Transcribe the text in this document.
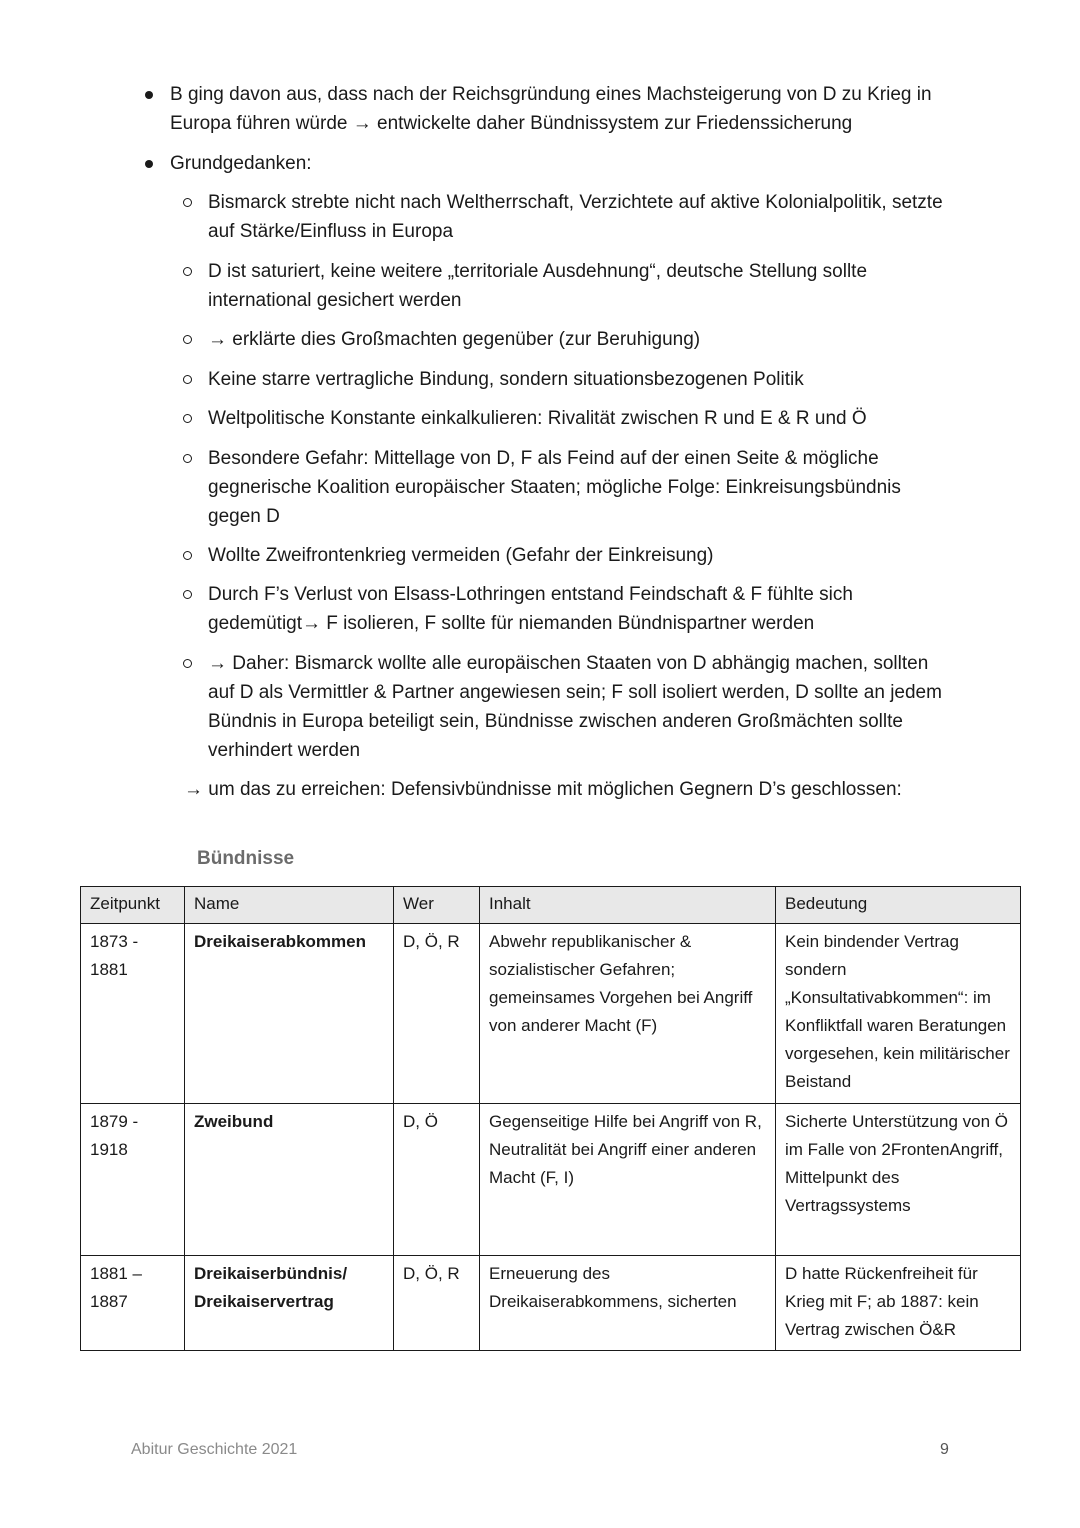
B ging davon aus, dass nach der Reichsgründung eines Machsteigerung von D zu Krieg in Europa führen würde → entwickelte daher Bündnissystem zur Friedenssicherung
Grundgedanken:
Bismarck strebte nicht nach Weltherrschaft, Verzichtete auf aktive Kolonialpolitik, setzte auf Stärke/Einfluss in Europa
D ist saturiert, keine weitere „territoriale Ausdehnung“, deutsche Stellung sollte international gesichert werden
→ erklärte dies Großmachten gegenüber (zur Beruhigung)
Keine starre vertragliche Bindung, sondern situationsbezogenen Politik
Weltpolitische Konstante einkalkulieren: Rivalität zwischen R und E & R und Ö
Besondere Gefahr: Mittellage von D, F als Feind auf der einen Seite & mögliche gegnerische Koalition europäischer Staaten; mögliche Folge: Einkreisungsbündnis gegen D
Wollte Zweifrontenkrieg vermeiden (Gefahr der Einkreisung)
Durch F’s Verlust von Elsass-Lothringen entstand Feindschaft & F fühlte sich gedemütigt→ F isolieren, F sollte für niemanden Bündnispartner werden
→ Daher: Bismarck wollte alle europäischen Staaten von D abhängig machen, sollten auf D als Vermittler & Partner angewiesen sein; F soll isoliert werden, D sollte an jedem Bündnis in Europa beteiligt sein, Bündnisse zwischen anderen Großmächten sollte verhindert werden
→ um das zu erreichen: Defensivbündnisse mit möglichen Gegnern D’s geschlossen:
Bündnisse
Zeitpunkt	Name	Wer	Inhalt	Bedeutung
1873 - 1881	Dreikaiserabkommen	D, Ö, R	Abwehr republikanischer & sozialistischer Gefahren; gemeinsames Vorgehen bei Angriff von anderer Macht (F)	Kein bindender Vertrag sondern „Konsultativabkommen“: im Konfliktfall waren Beratungen vorgesehen, kein militärischer Beistand
1879 - 1918	Zweibund	D, Ö	Gegenseitige Hilfe bei Angriff von R, Neutralität bei Angriff einer anderen Macht (F, I)	Sicherte Unterstützung von Ö im Falle von 2FrontenAngriff, Mittelpunkt des Vertragssystems
1881 – 1887	Dreikaiserbündnis/ Dreikaiservertrag	D, Ö, R	Erneuerung des Dreikaiserabkommens, sicherten	D hatte Rückenfreiheit für Krieg mit F; ab 1887: kein Vertrag zwischen Ö&R
Abitur Geschichte 2021	9
